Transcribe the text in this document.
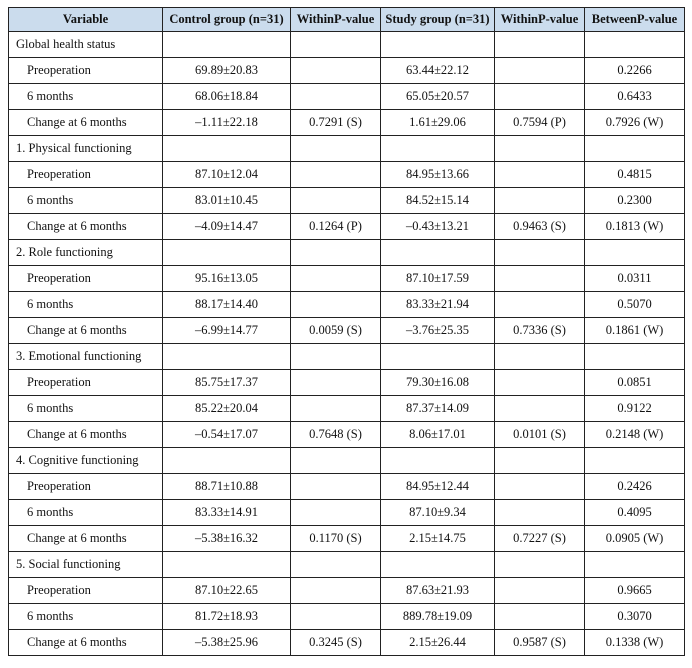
Variable	Control group (n=31)	WithinP-value	Study group (n=31)	WithinP-value	BetweenP-value
Global health status					
Preoperation	69.89±20.83		63.44±22.12		0.2266
6 months	68.06±18.84		65.05±20.57		0.6433
Change at 6 months	–1.11±22.18	0.7291 (S)	1.61±29.06	0.7594 (P)	0.7926 (W)
1. Physical functioning					
Preoperation	87.10±12.04		84.95±13.66		0.4815
6 months	83.01±10.45		84.52±15.14		0.2300
Change at 6 months	–4.09±14.47	0.1264 (P)	–0.43±13.21	0.9463 (S)	0.1813 (W)
2. Role functioning					
Preoperation	95.16±13.05		87.10±17.59		0.0311
6 months	88.17±14.40		83.33±21.94		0.5070
Change at 6 months	–6.99±14.77	0.0059 (S)	–3.76±25.35	0.7336 (S)	0.1861 (W)
3. Emotional functioning					
Preoperation	85.75±17.37		79.30±16.08		0.0851
6 months	85.22±20.04		87.37±14.09		0.9122
Change at 6 months	–0.54±17.07	0.7648 (S)	8.06±17.01	0.0101 (S)	0.2148 (W)
4. Cognitive functioning					
Preoperation	88.71±10.88		84.95±12.44		0.2426
6 months	83.33±14.91		87.10±9.34		0.4095
Change at 6 months	–5.38±16.32	0.1170 (S)	2.15±14.75	0.7227 (S)	0.0905 (W)
5. Social functioning					
Preoperation	87.10±22.65		87.63±21.93		0.9665
6 months	81.72±18.93		889.78±19.09		0.3070
Change at 6 months	–5.38±25.96	0.3245 (S)	2.15±26.44	0.9587 (S)	0.1338 (W)
